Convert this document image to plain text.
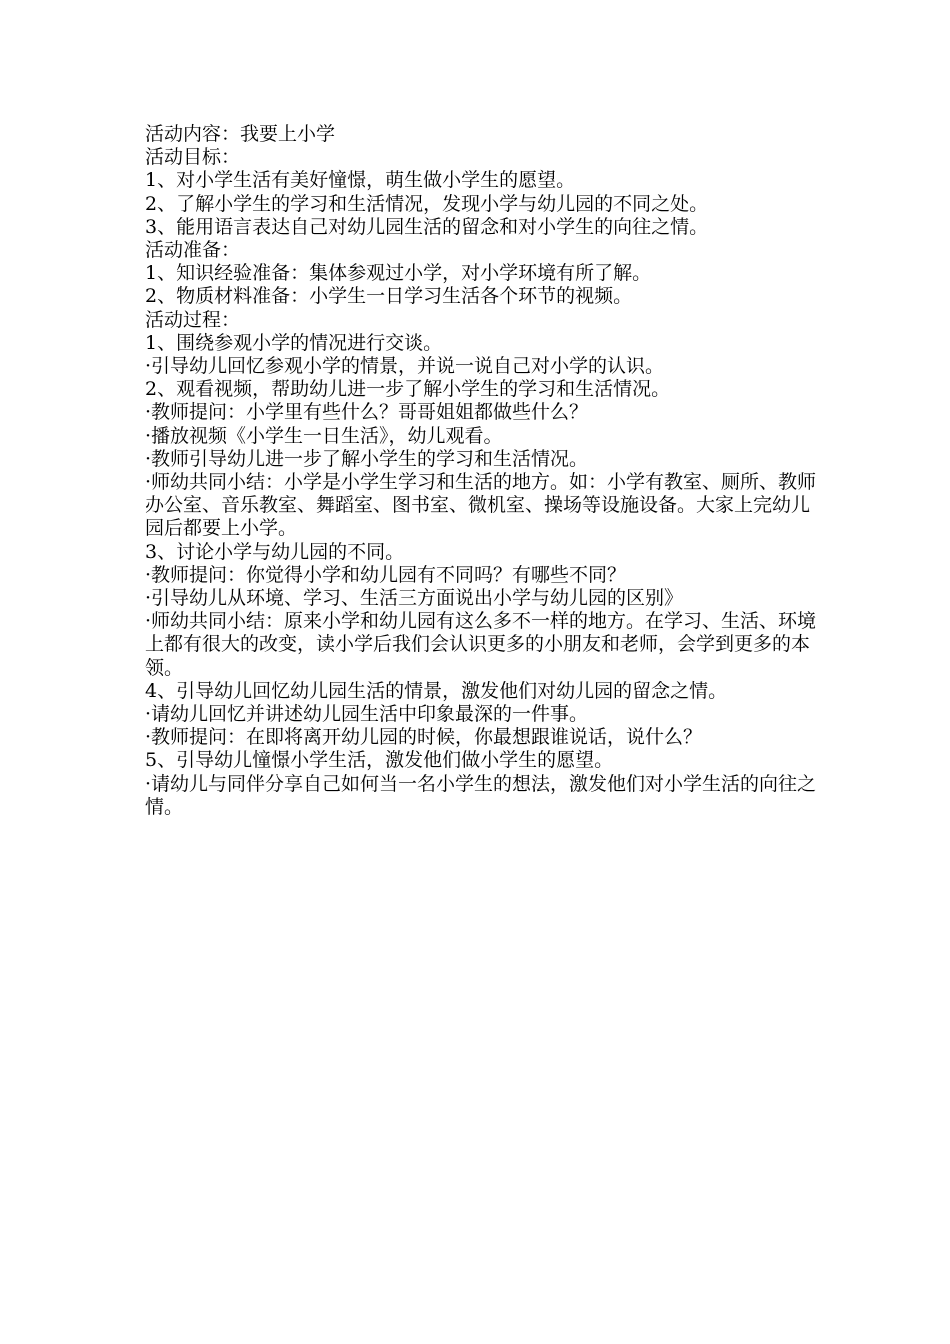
活动内容：我要上小学

活动目标：

1、对小学生活有美好憧憬，萌生做小学生的愿望。

2、了解小学生的学习和生活情况，发现小学与幼儿园的不同之处。

3、能用语言表达自己对幼儿园生活的留念和对小学生的向往之情。

活动准备：

1、知识经验准备：集体参观过小学，对小学环境有所了解。

2、物质材料准备：小学生一日学习生活各个环节的视频。

活动过程：

1、围绕参观小学的情况进行交谈。

·引导幼儿回忆参观小学的情景，并说一说自己对小学的认识。

2、观看视频，帮助幼儿进一步了解小学生的学习和生活情况。

·教师提问：小学里有些什么？哥哥姐姐都做些什么？

·播放视频《小学生一日生活》，幼儿观看。

·教师引导幼儿进一步了解小学生的学习和生活情况。

·师幼共同小结：小学是小学生学习和生活的地方。如：小学有教室、厕所、教师办公室、音乐教室、舞蹈室、图书室、微机室、操场等设施设备。大家上完幼儿园后都要上小学。

3、讨论小学与幼儿园的不同。

·教师提问：你觉得小学和幼儿园有不同吗？有哪些不同？

·引导幼儿从环境、学习、生活三方面说出小学与幼儿园的区别》

·师幼共同小结：原来小学和幼儿园有这么多不一样的地方。在学习、生活、环境上都有很大的改变，读小学后我们会认识更多的小朋友和老师，会学到更多的本领。

4、引导幼儿回忆幼儿园生活的情景，激发他们对幼儿园的留念之情。

·请幼儿回忆并讲述幼儿园生活中印象最深的一件事。

·教师提问：在即将离开幼儿园的时候，你最想跟谁说话，说什么？

5、引导幼儿憧憬小学生活，激发他们做小学生的愿望。

·请幼儿与同伴分享自己如何当一名小学生的想法，激发他们对小学生活的向往之情。
